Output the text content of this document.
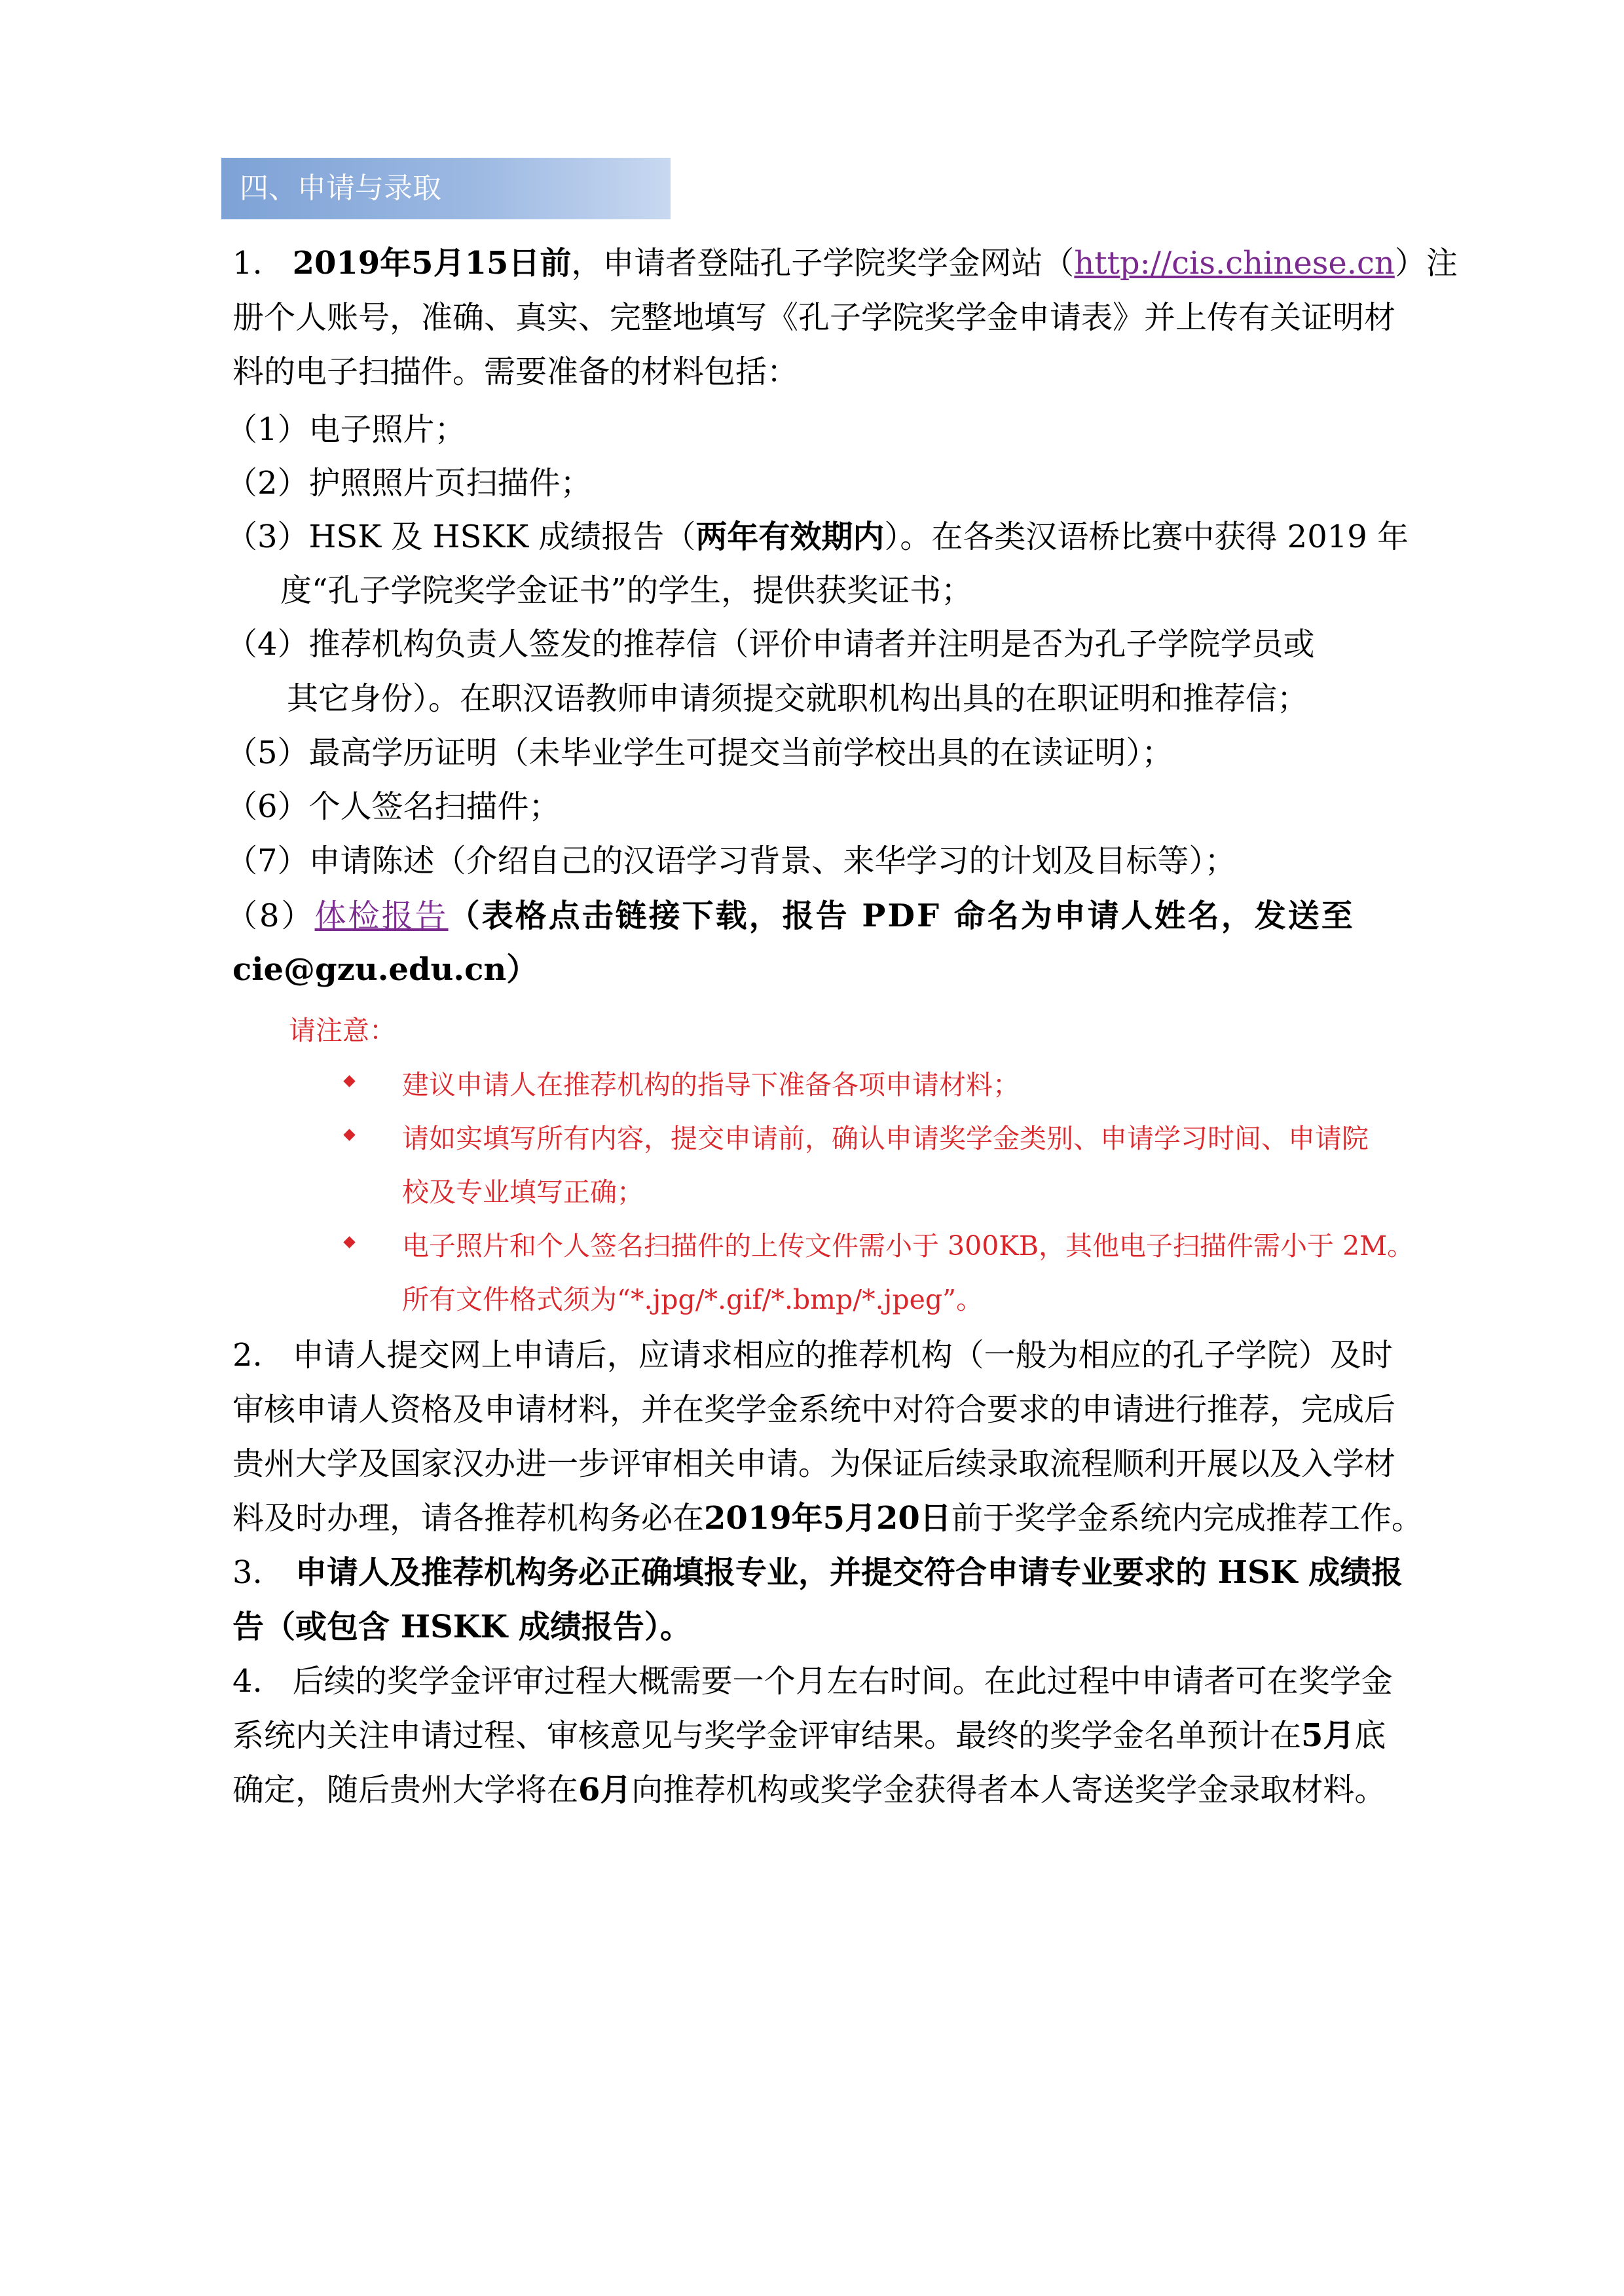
四、申请与录取
1. 2019年5月15日前，申请者登陆孔子学院奖学金网站（http://cis.chinese.cn）注
册个人账号，准确、真实、完整地填写《孔子学院奖学金申请表》并上传有关证明材
料的电子扫描件。需要准备的材料包括：
（1）电子照片；
（2）护照照片页扫描件；
（3）HSK 及 HSKK 成绩报告（两年有效期内）。在各类汉语桥比赛中获得 2019 年
度“孔子学院奖学金证书”的学生，提供获奖证书；
（4）推荐机构负责人签发的推荐信（评价申请者并注明是否为孔子学院学员或
其它身份）。在职汉语教师申请须提交就职机构出具的在职证明和推荐信；
（5）最高学历证明（未毕业学生可提交当前学校出具的在读证明）；
（6）个人签名扫描件；
（7）申请陈述（介绍自己的汉语学习背景、来华学习的计划及目标等）；
（8）体检报告（表格点击链接下载，报告 PDF 命名为申请人姓名，发送至
cie@gzu.edu.cn）
请注意：
建议申请人在推荐机构的指导下准备各项申请材料；
请如实填写所有内容，提交申请前，确认申请奖学金类别、申请学习时间、申请院
校及专业填写正确；
电子照片和个人签名扫描件的上传文件需小于 300KB，其他电子扫描件需小于 2M。
所有文件格式须为“*.jpg/*.gif/*.bmp/*.jpeg”。
2. 申请人提交网上申请后，应请求相应的推荐机构（一般为相应的孔子学院）及时
审核申请人资格及申请材料，并在奖学金系统中对符合要求的申请进行推荐，完成后
贵州大学及国家汉办进一步评审相关申请。为保证后续录取流程顺利开展以及入学材
料及时办理，请各推荐机构务必在2019年5月20日前于奖学金系统内完成推荐工作。
3. 申请人及推荐机构务必正确填报专业，并提交符合申请专业要求的 HSK 成绩报
告（或包含 HSKK 成绩报告）。
4. 后续的奖学金评审过程大概需要一个月左右时间。在此过程中申请者可在奖学金
系统内关注申请过程、审核意见与奖学金评审结果。最终的奖学金名单预计在5月底
确定，随后贵州大学将在6月向推荐机构或奖学金获得者本人寄送奖学金录取材料。
